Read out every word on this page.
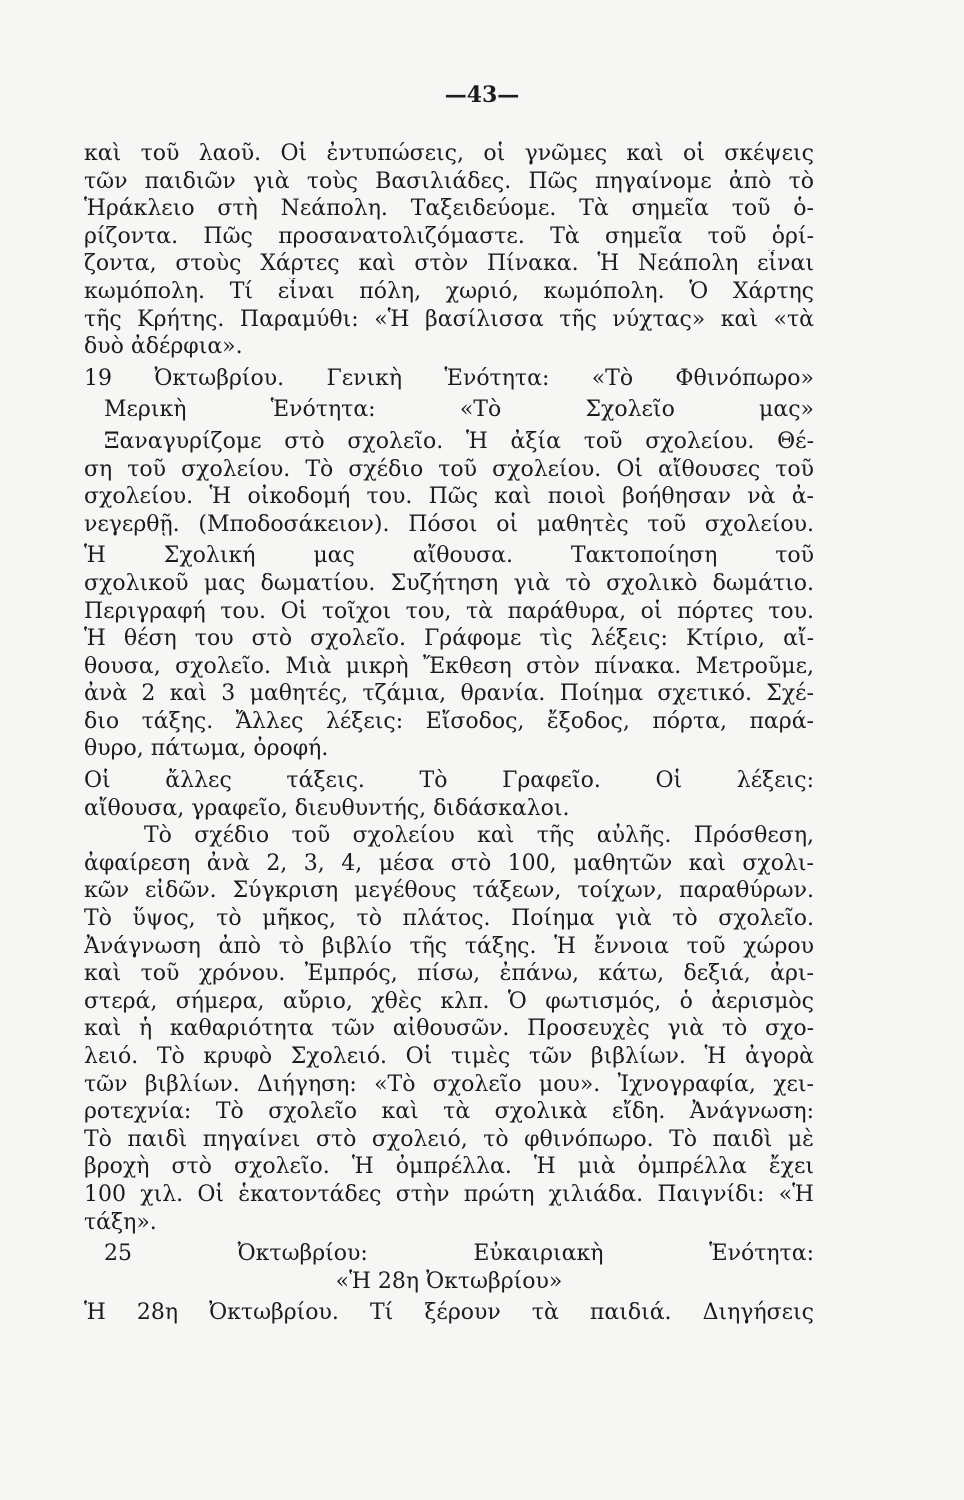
—43—
καὶ τοῦ λαοῦ. Οἱ ἐντυπώσεις, οἱ γνῶμες καὶ οἱ σκέψεις
τῶν παιδιῶν γιὰ τοὺς Βασιλιάδες. Πῶς πηγαίνομε ἀπὸ τὸ
Ἡράκλειο στὴ Νεάπολη. Ταξειδεύομε. Τὰ σημεῖα τοῦ ὁ-
ρίζοντα. Πῶς προσανατολιζόμαστε. Τὰ σημεῖα τοῦ ὁρί-
ζοντα, στοὺς Χάρτες καὶ στὸν Πίνακα. Ἡ Νεάπολη εἶναι
κωμόπολη. Τί εἶναι πόλη, χωριό, κωμόπολη. Ὁ Χάρτης
τῆς Κρήτης. Παραμύθι: «Ἡ βασίλισσα τῆς νύχτας» καὶ «τὰ
δυὸ ἀδέρφια».
19 Ὀκτωβρίου. Γενικὴ Ἑνότητα: «Τὸ Φθινόπωρο»
Μερικὴ Ἑνότητα: «Τὸ Σχολεῖο μας»
Ξαναγυρίζομε στὸ σχολεῖο. Ἡ ἀξία τοῦ σχολείου. Θέ-
ση τοῦ σχολείου. Τὸ σχέδιο τοῦ σχολείου. Οἱ αἴθουσες τοῦ
σχολείου. Ἡ οἰκοδομή του. Πῶς καὶ ποιοὶ βοήθησαν νὰ ἀ-
νεγερθῇ. (Μποδοσάκειον). Πόσοι οἱ μαθητὲς τοῦ σχολείου.
Ἡ Σχολική μας αἴθουσα. Τακτοποίηση τοῦ
σχολικοῦ μας δωματίου. Συζήτηση γιὰ τὸ σχολικὸ δωμάτιο.
Περιγραφή του. Οἱ τοῖχοι του, τὰ παράθυρα, οἱ πόρτες του.
Ἡ θέση του στὸ σχολεῖο. Γράφομε τὶς λέξεις: Κτίριο, αἴ-
θουσα, σχολεῖο. Μιὰ μικρὴ Ἔκθεση στὸν πίνακα. Μετροῦμε,
ἀνὰ 2 καὶ 3 μαθητές, τζάμια, θρανία. Ποίημα σχετικό. Σχέ-
διο τάξης. Ἄλλες λέξεις: Εἴσοδος, ἔξοδος, πόρτα, παρά-
θυρο, πάτωμα, ὀροφή.
Οἱ ἄλλες τάξεις. Τὸ Γραφεῖο. Οἱ λέξεις:
αἴθουσα, γραφεῖο, διευθυντής, διδάσκαλοι.
Τὸ σχέδιο τοῦ σχολείου καὶ τῆς αὐλῆς. Πρόσθεση,
ἀφαίρεση ἀνὰ 2, 3, 4, μέσα στὸ 100, μαθητῶν καὶ σχολι-
κῶν εἰδῶν. Σύγκριση μεγέθους τάξεων, τοίχων, παραθύρων.
Τὸ ὕψος, τὸ μῆκος, τὸ πλάτος. Ποίημα γιὰ τὸ σχολεῖο.
Ἀνάγνωση ἀπὸ τὸ βιβλίο τῆς τάξης. Ἡ ἔννοια τοῦ χώρου
καὶ τοῦ χρόνου. Ἐμπρός, πίσω, ἐπάνω, κάτω, δεξιά, ἀρι-
στερά, σήμερα, αὔριο, χθὲς κλπ. Ὁ φωτισμός, ὁ ἀερισμὸς
καὶ ἡ καθαριότητα τῶν αἰθουσῶν. Προσευχὲς γιὰ τὸ σχο-
λειό. Τὸ κρυφὸ Σχολειό. Οἱ τιμὲς τῶν βιβλίων. Ἡ ἀγορὰ
τῶν βιβλίων. Διήγηση: «Τὸ σχολεῖο μου». Ἰχνογραφία, χει-
ροτεχνία: Τὸ σχολεῖο καὶ τὰ σχολικὰ εἴδη. Ἀνάγνωση:
Τὸ παιδὶ πηγαίνει στὸ σχολειό, τὸ φθινόπωρο. Τὸ παιδὶ μὲ
βροχὴ στὸ σχολεῖο. Ἡ ὀμπρέλλα. Ἡ μιὰ ὀμπρέλλα ἔχει
100 χιλ. Οἱ ἑκατοντάδες στὴν πρώτη χιλιάδα. Παιγνίδι: «Ἡ
τάξη».
25 Ὀκτωβρίου: Εὐκαιριακὴ Ἑνότητα:
«Ἡ 28η Ὀκτωβρίου»
Ἡ 28η Ὀκτωβρίου. Τί ξέρουν τὰ παιδιά. Διηγήσεις
